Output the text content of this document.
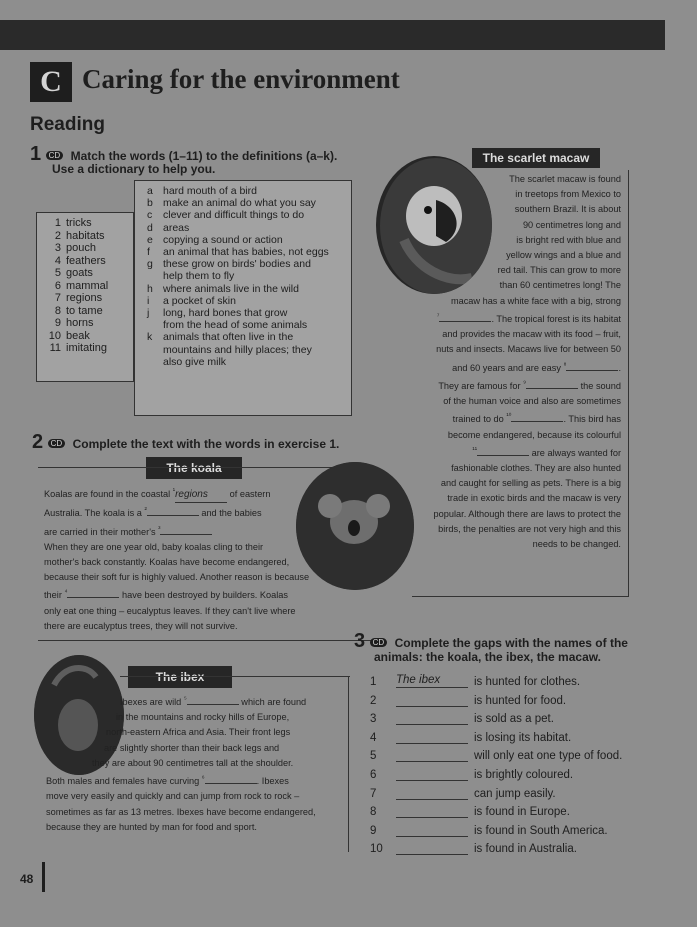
C Caring for the environment
Reading
1 CD Match the words (1–11) to the definitions (a–k).
Use a dictionary to help you.
1 tricks
2 habitats
3 pouch
4 feathers
5 goats
6 mammal
7 regions
8 to tame
9 horns
10 beak
11 imitating
a hard mouth of a bird
b make an animal do what you say
c clever and difficult things to do
d areas
e copying a sound or action
f an animal that has babies, not eggs
g these grow on birds' bodies and
help them to fly
h where animals live in the wild
i a pocket of skin
j long, hard bones that grow
from the head of some animals
k animals that often live in the
mountains and hilly places; they
also give milk
The scarlet macaw
The scarlet macaw is found
in treetops from Mexico to
southern Brazil. It is about
90 centimetres long and
is bright red with blue and
yellow wings and a blue and
red tail. This can grow to more
than 60 centimetres long! The
macaw has a white face with a big, strong
$^{^7}$	. The tropical forest is its habitat
and provides the macaw with its food – fruit,
nuts and insects. Macaws live for between 50
and 60 years and are easy $^{^8}$	.
They are famous for $^{^9}$	the sound
of the human voice and also are sometimes
trained to do $^{^{10}}$	. This bird has
become endangered, because its colourful
$^{^{11}}$	are always wanted for
fashionable clothes. They are also hunted
and caught for selling as pets. There is a big
trade in exotic birds and the macaw is very
popular. Although there are laws to protect the
birds, the penalties are not very high and this
needs to be changed.
2 CD Complete the text with the words in exercise 1.
The koala
Koalas are found in the coastal $^{^1}$regions of eastern
Australia. The koala is a $^{^2}$	and the babies
are carried in their mother's $^{^3}$
When they are one year old, baby koalas cling to their
mother's back constantly. Koalas have become endangered,
because their soft fur is highly valued. Another reason is because
their $^{^4}$	have been destroyed by builders. Koalas
only eat one thing – eucalyptus leaves. If they can't live where
there are eucalyptus trees, they will not survive.
The ibex
Ibexes are wild $^{^5}$	which are found
in the mountains and rocky hills of Europe,
north-eastern Africa and Asia. Their front legs
are slightly shorter than their back legs and
they are about 90 centimetres tall at the shoulder.
Both males and females have curving $^{^6}$	. Ibexes
move very easily and quickly and can jump from rock to rock –
sometimes as far as 13 metres. Ibexes have become endangered,
because they are hunted by man for food and sport.
3 CD Complete the gaps with the names of the
animals: the koala, the ibex, the macaw.
1 The ibex	is hunted for clothes.
2	is hunted for food.
3	is sold as a pet.
4	is losing its habitat.
5	will only eat one type of food.
6	is brightly coloured.
7	can jump easily.
8	is found in Europe.
9	is found in South America.
10	is found in Australia.
48
